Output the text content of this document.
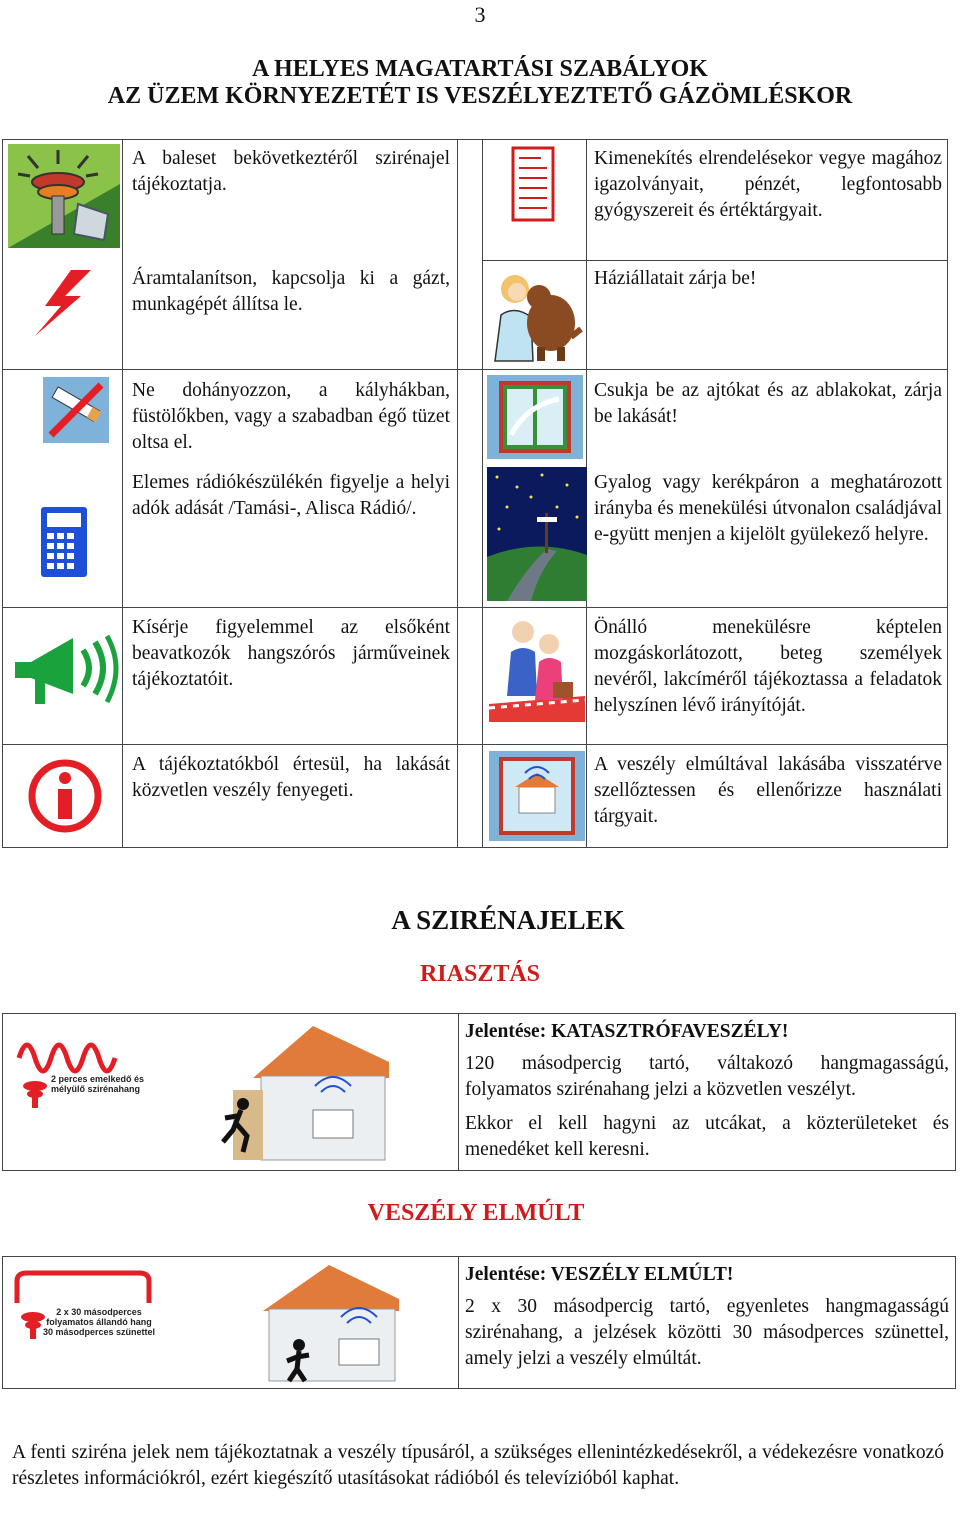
3
A HELYES MAGATARTÁSI SZABÁLYOK
AZ ÜZEM KÖRNYEZETÉT IS VESZÉLYEZTETŐ GÁZÖMLÉSKOR
A baleset bekövetkeztéről szirénajel tájékoztatja.
Áramtalanítson, kapcsolja ki a gázt, munkagépét állítsa le.
Ne dohányozzon, a kályhákban, füstölőkben, vagy a szabadban égő tüzet oltsa el.
Elemes rádiókészülékén figyelje a helyi adók adását /Tamási-, Alisca Rádió/.
Kísérje figyelemmel az elsőként beavatkozók hangszórós járműveinek tájékoztatóit.
A tájékoztatókból értesül, ha lakását közvetlen veszély fenyegeti.
Kimenekítés elrendelésekor vegye magához igazolványait, pénzét, legfontosabb gyógyszereit és értéktárgyait.
Háziállatait zárja be!
Csukja be az ajtókat és az ablakokat, zárja be lakását!
Gyalog vagy kerékpáron a meghatározott irányba és menekülési útvonalon családjával e-gyütt menjen a kijelölt gyülekező helyre.
Önálló menekülésre képtelen mozgáskorlátozott, beteg személyek nevéről, lakcíméről tájékoztassa a feladatok helyszínen lévő irányítóját.
A veszély elmúltával lakásába visszatérve szellőztessen és ellenőrizze használati tárgyait.
A SZIRÉNAJELEK
RIASZTÁS
2 perces emelkedő és
mélyülő szirénahang
Jelentése: KATASZTRÓFAVESZÉLY!

120 másodpercig tartó, váltakozó hangmagasságú, folyamatos szirénahang jelzi a közvetlen veszélyt.

Ekkor el kell hagyni az utcákat, a közterületeket és menedéket kell keresni.

VESZÉLY ELMÚLT
2 x 30 másodperces
folyamatos állandó hang
30 másodperces szünettel
Jelentése: VESZÉLY ELMÚLT!

2 x 30 másodpercig tartó, egyenletes hangmagasságú szirénahang, a jelzések közötti 30 másodperces szünettel, amely jelzi a veszély elmúltát.

A fenti sziréna jelek nem tájékoztatnak a veszély típusáról, a szükséges ellenintézkedésekről, a védekezésre vonatkozó részletes információkról, ezért kiegészítő utasításokat rádióból és televízióból kaphat.
